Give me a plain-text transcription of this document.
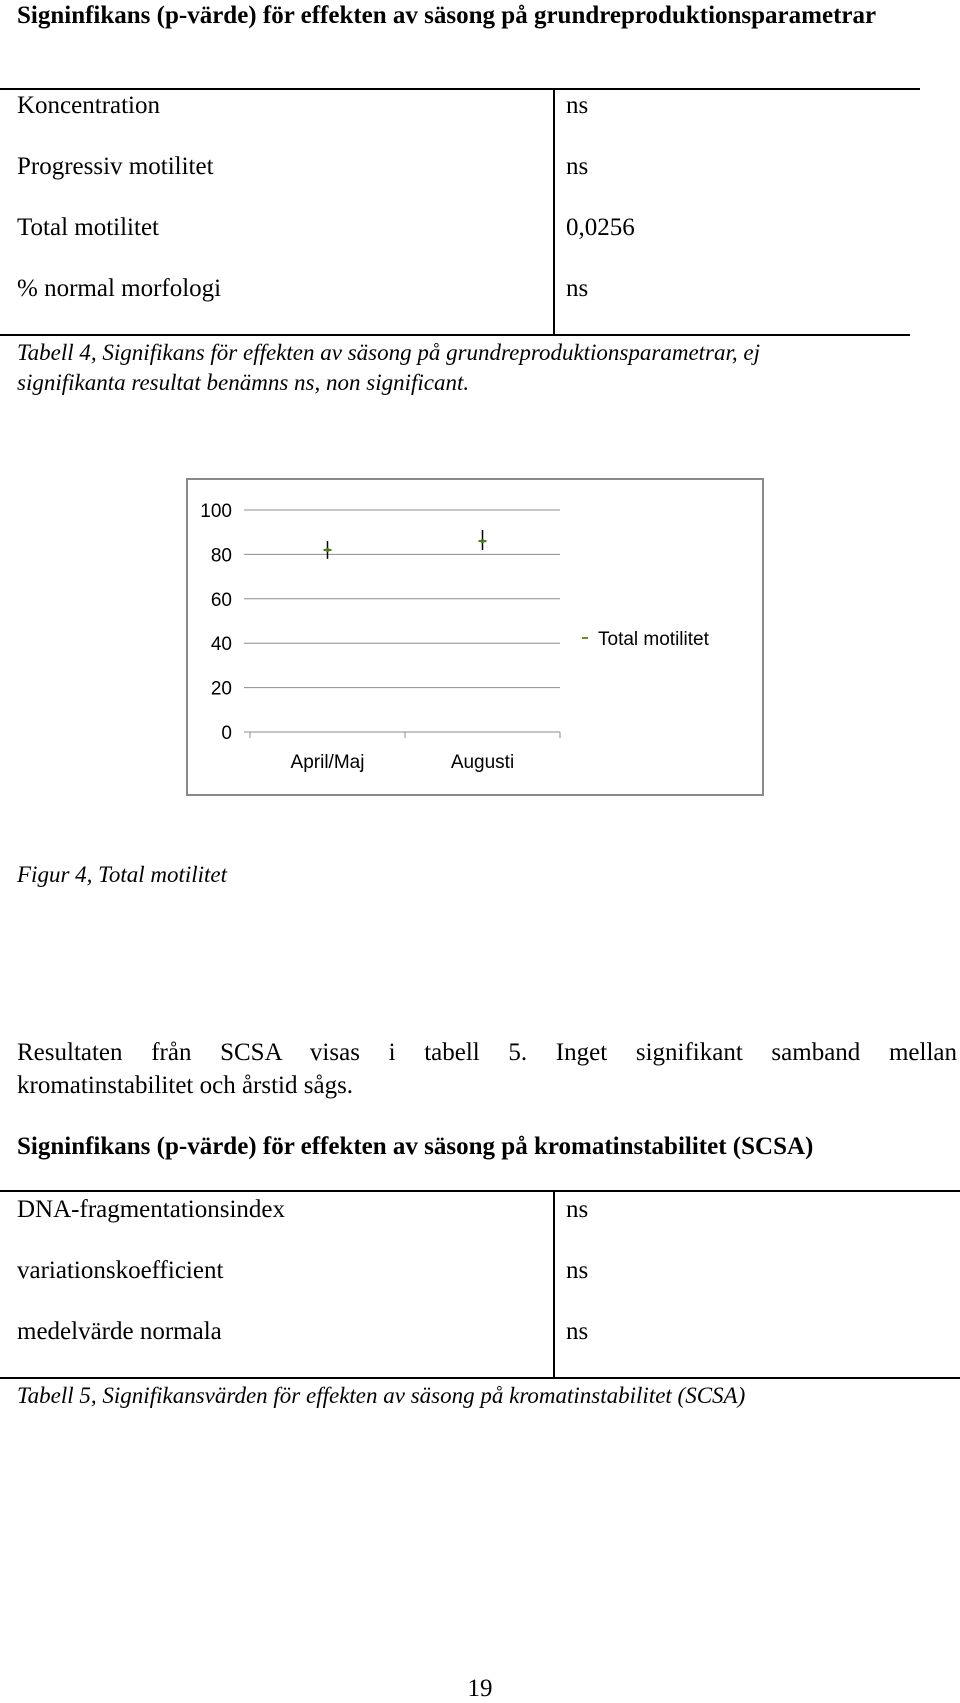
Signinfikans (p-värde) för effekten av säsong på grundreproduktionsparametrar
Koncentration	ns
Progressiv motilitet	ns
Total motilitet	0,0256
% normal morfologi	ns
Tabell 4, Signifikans för effekten av säsong på grundreproduktionsparametrar, ej
signifikanta resultat benämns ns, non significant.
0
20
40
60
80
100
April/Maj	Augusti
Total motilitet
Figur 4, Total motilitet
Resultaten från SCSA visas i tabell 5. Inget signifikant samband mellan
kromatinstabilitet och årstid sågs.
Signinfikans (p-värde) för effekten av säsong på kromatinstabilitet (SCSA)
DNA-fragmentationsindex	ns
variationskoefficient	ns
medelvärde normala	ns
Tabell 5, Signifikansvärden för effekten av säsong på kromatinstabilitet (SCSA)
19
